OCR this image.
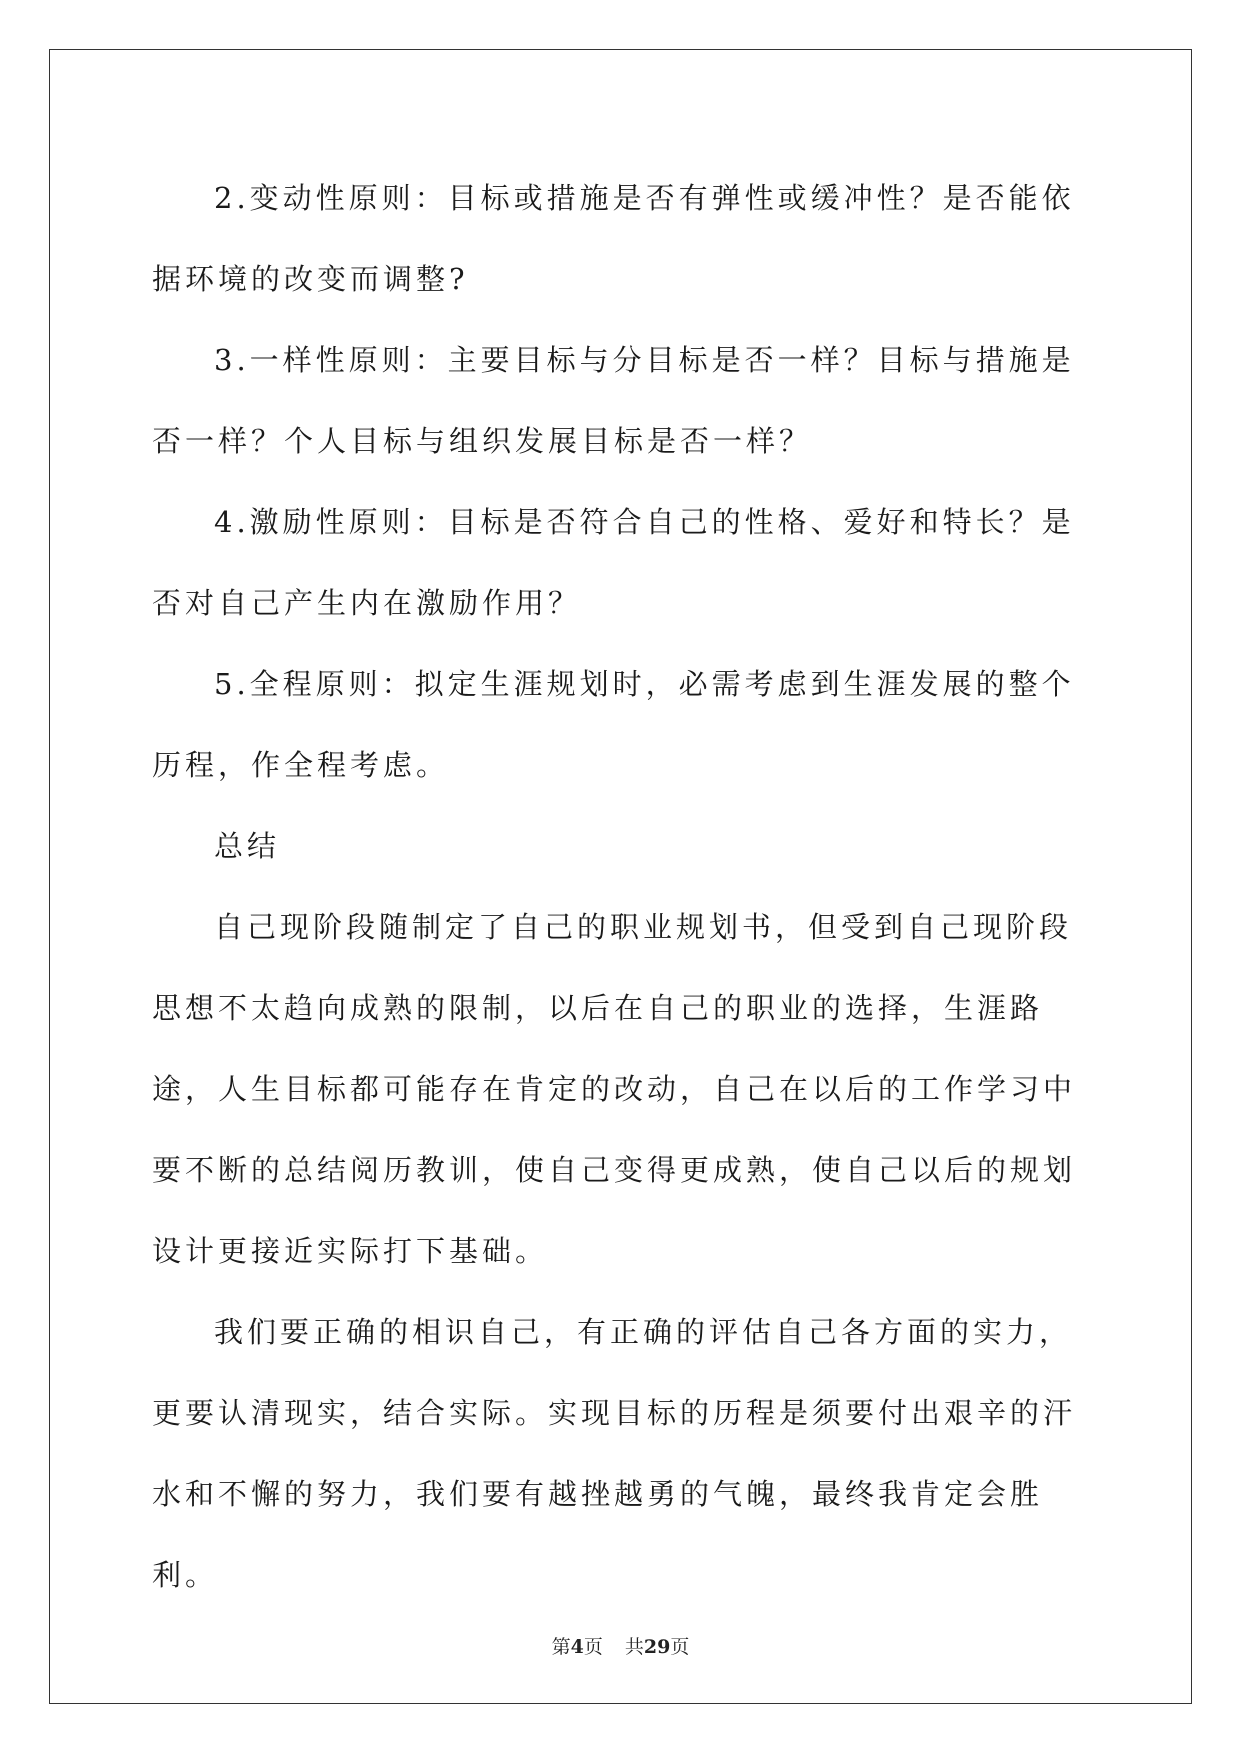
2.变动性原则：目标或措施是否有弹性或缓冲性？是否能依据环境的改变而调整?

3.一样性原则：主要目标与分目标是否一样？目标与措施是否一样？个人目标与组织发展目标是否一样？

4.激励性原则：目标是否符合自己的性格、爱好和特长？是否对自己产生内在激励作用？

5.全程原则：拟定生涯规划时，必需考虑到生涯发展的整个历程，作全程考虑。

总结

自己现阶段随制定了自己的职业规划书，但受到自己现阶段思想不太趋向成熟的限制，以后在自己的职业的选择，生涯路途，人生目标都可能存在肯定的改动，自己在以后的工作学习中要不断的总结阅历教训，使自己变得更成熟，使自己以后的规划设计更接近实际打下基础。

我们要正确的相识自己，有正确的评估自己各方面的实力，更要认清现实，结合实际。实现目标的历程是须要付出艰辛的汗水和不懈的努力，我们要有越挫越勇的气魄，最终我肯定会胜利。

第4页 共29页
